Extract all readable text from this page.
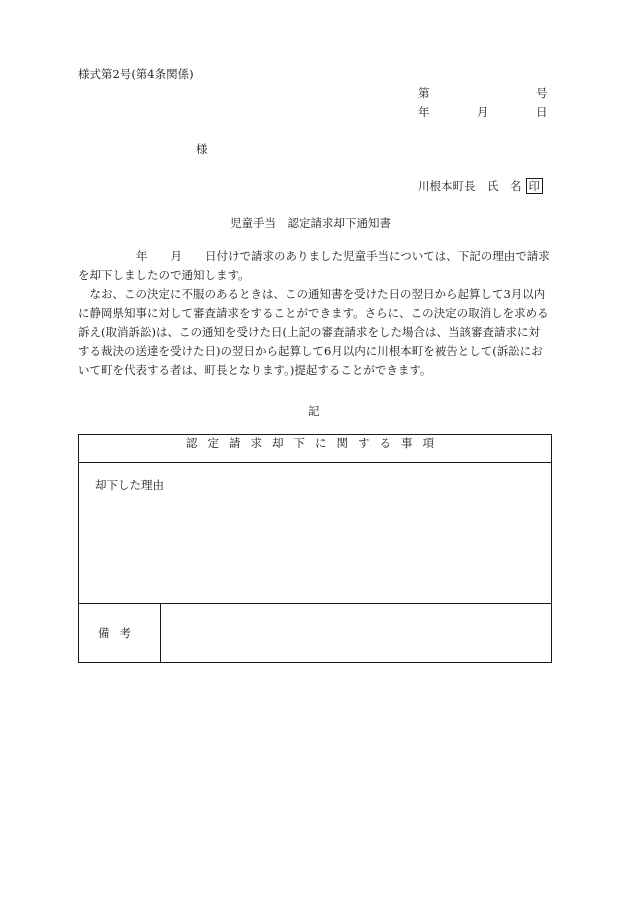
様式第2号(第4条関係)
第	号
年	月	日
様
川根本町長　氏　名 印
児童手当　認定請求却下通知書

年　　月　　日付けで請求のありました児童手当については、下記の理由で請求を却下しましたので通知します。

なお、この決定に不服のあるときは、この通知書を受けた日の翌日から起算して3月以内に静岡県知事に対して審査請求をすることができます。さらに、この決定の取消しを求める訴え(取消訴訟)は、この通知を受けた日(上記の審査請求をした場合は、当該審査請求に対する裁決の送達を受けた日)の翌日から起算して6月以内に川根本町を被告として(訴訟において町を代表する者は、町長となります。)提起することができます。

記
認定請求却下に関する事項

却下した理由

備考	
